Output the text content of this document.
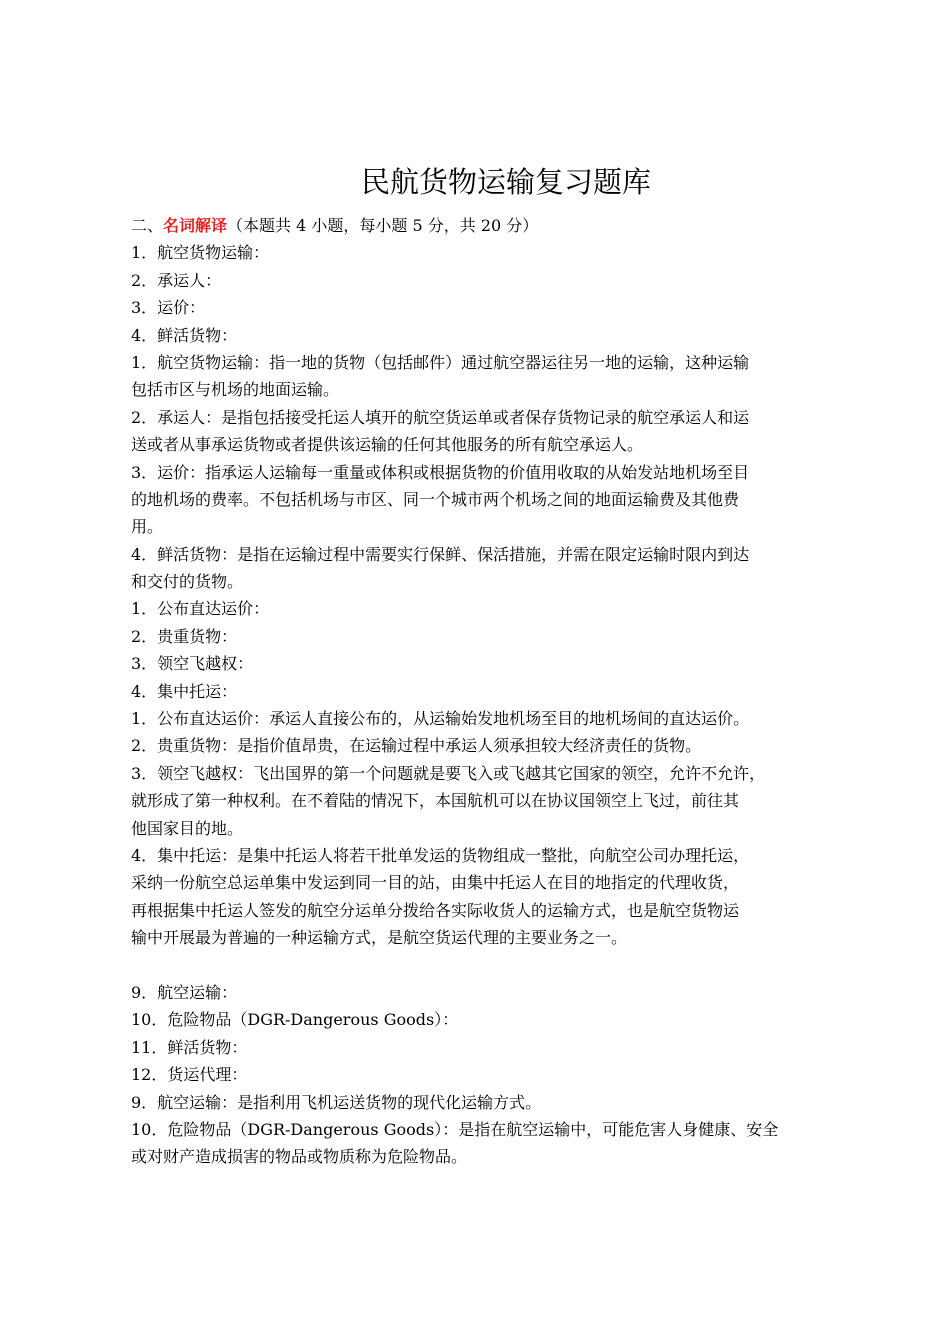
民航货物运输复习题库
二、名词解译（本题共 4 小题，每小题 5 分，共 20 分）
1．航空货物运输：
2．承运人：
3．运价：
4．鲜活货物：
1．航空货物运输：指一地的货物（包括邮件）通过航空器运往另一地的运输，这种运输
包括市区与机场的地面运输。
2．承运人：是指包括接受托运人填开的航空货运单或者保存货物记录的航空承运人和运
送或者从事承运货物或者提供该运输的任何其他服务的所有航空承运人。
3．运价：指承运人运输每一重量或体积或根据货物的价值用收取的从始发站地机场至目
的地机场的费率。不包括机场与市区、同一个城市两个机场之间的地面运输费及其他费
用。
4．鲜活货物：是指在运输过程中需要实行保鲜、保活措施，并需在限定运输时限内到达
和交付的货物。
1．公布直达运价：
2．贵重货物：
3．领空飞越权：
4．集中托运：
1．公布直达运价：承运人直接公布的，从运输始发地机场至目的地机场间的直达运价。
2．贵重货物：是指价值昂贵，在运输过程中承运人须承担较大经济责任的货物。
3．领空飞越权：飞出国界的第一个问题就是要飞入或飞越其它国家的领空，允许不允许，
就形成了第一种权利。在不着陆的情况下，本国航机可以在协议国领空上飞过，前往其
他国家目的地。
4．集中托运：是集中托运人将若干批单发运的货物组成一整批，向航空公司办理托运，
采纳一份航空总运单集中发运到同一目的站，由集中托运人在目的地指定的代理收货，
再根据集中托运人签发的航空分运单分拨给各实际收货人的运输方式，也是航空货物运
输中开展最为普遍的一种运输方式，是航空货运代理的主要业务之一。
9．航空运输：
10．危险物品（DGR-Dangerous Goods）：
11．鲜活货物：
12．货运代理：
9．航空运输：是指利用飞机运送货物的现代化运输方式。
10．危险物品（DGR-Dangerous Goods）：是指在航空运输中，可能危害人身健康、安全
或对财产造成损害的物品或物质称为危险物品。
